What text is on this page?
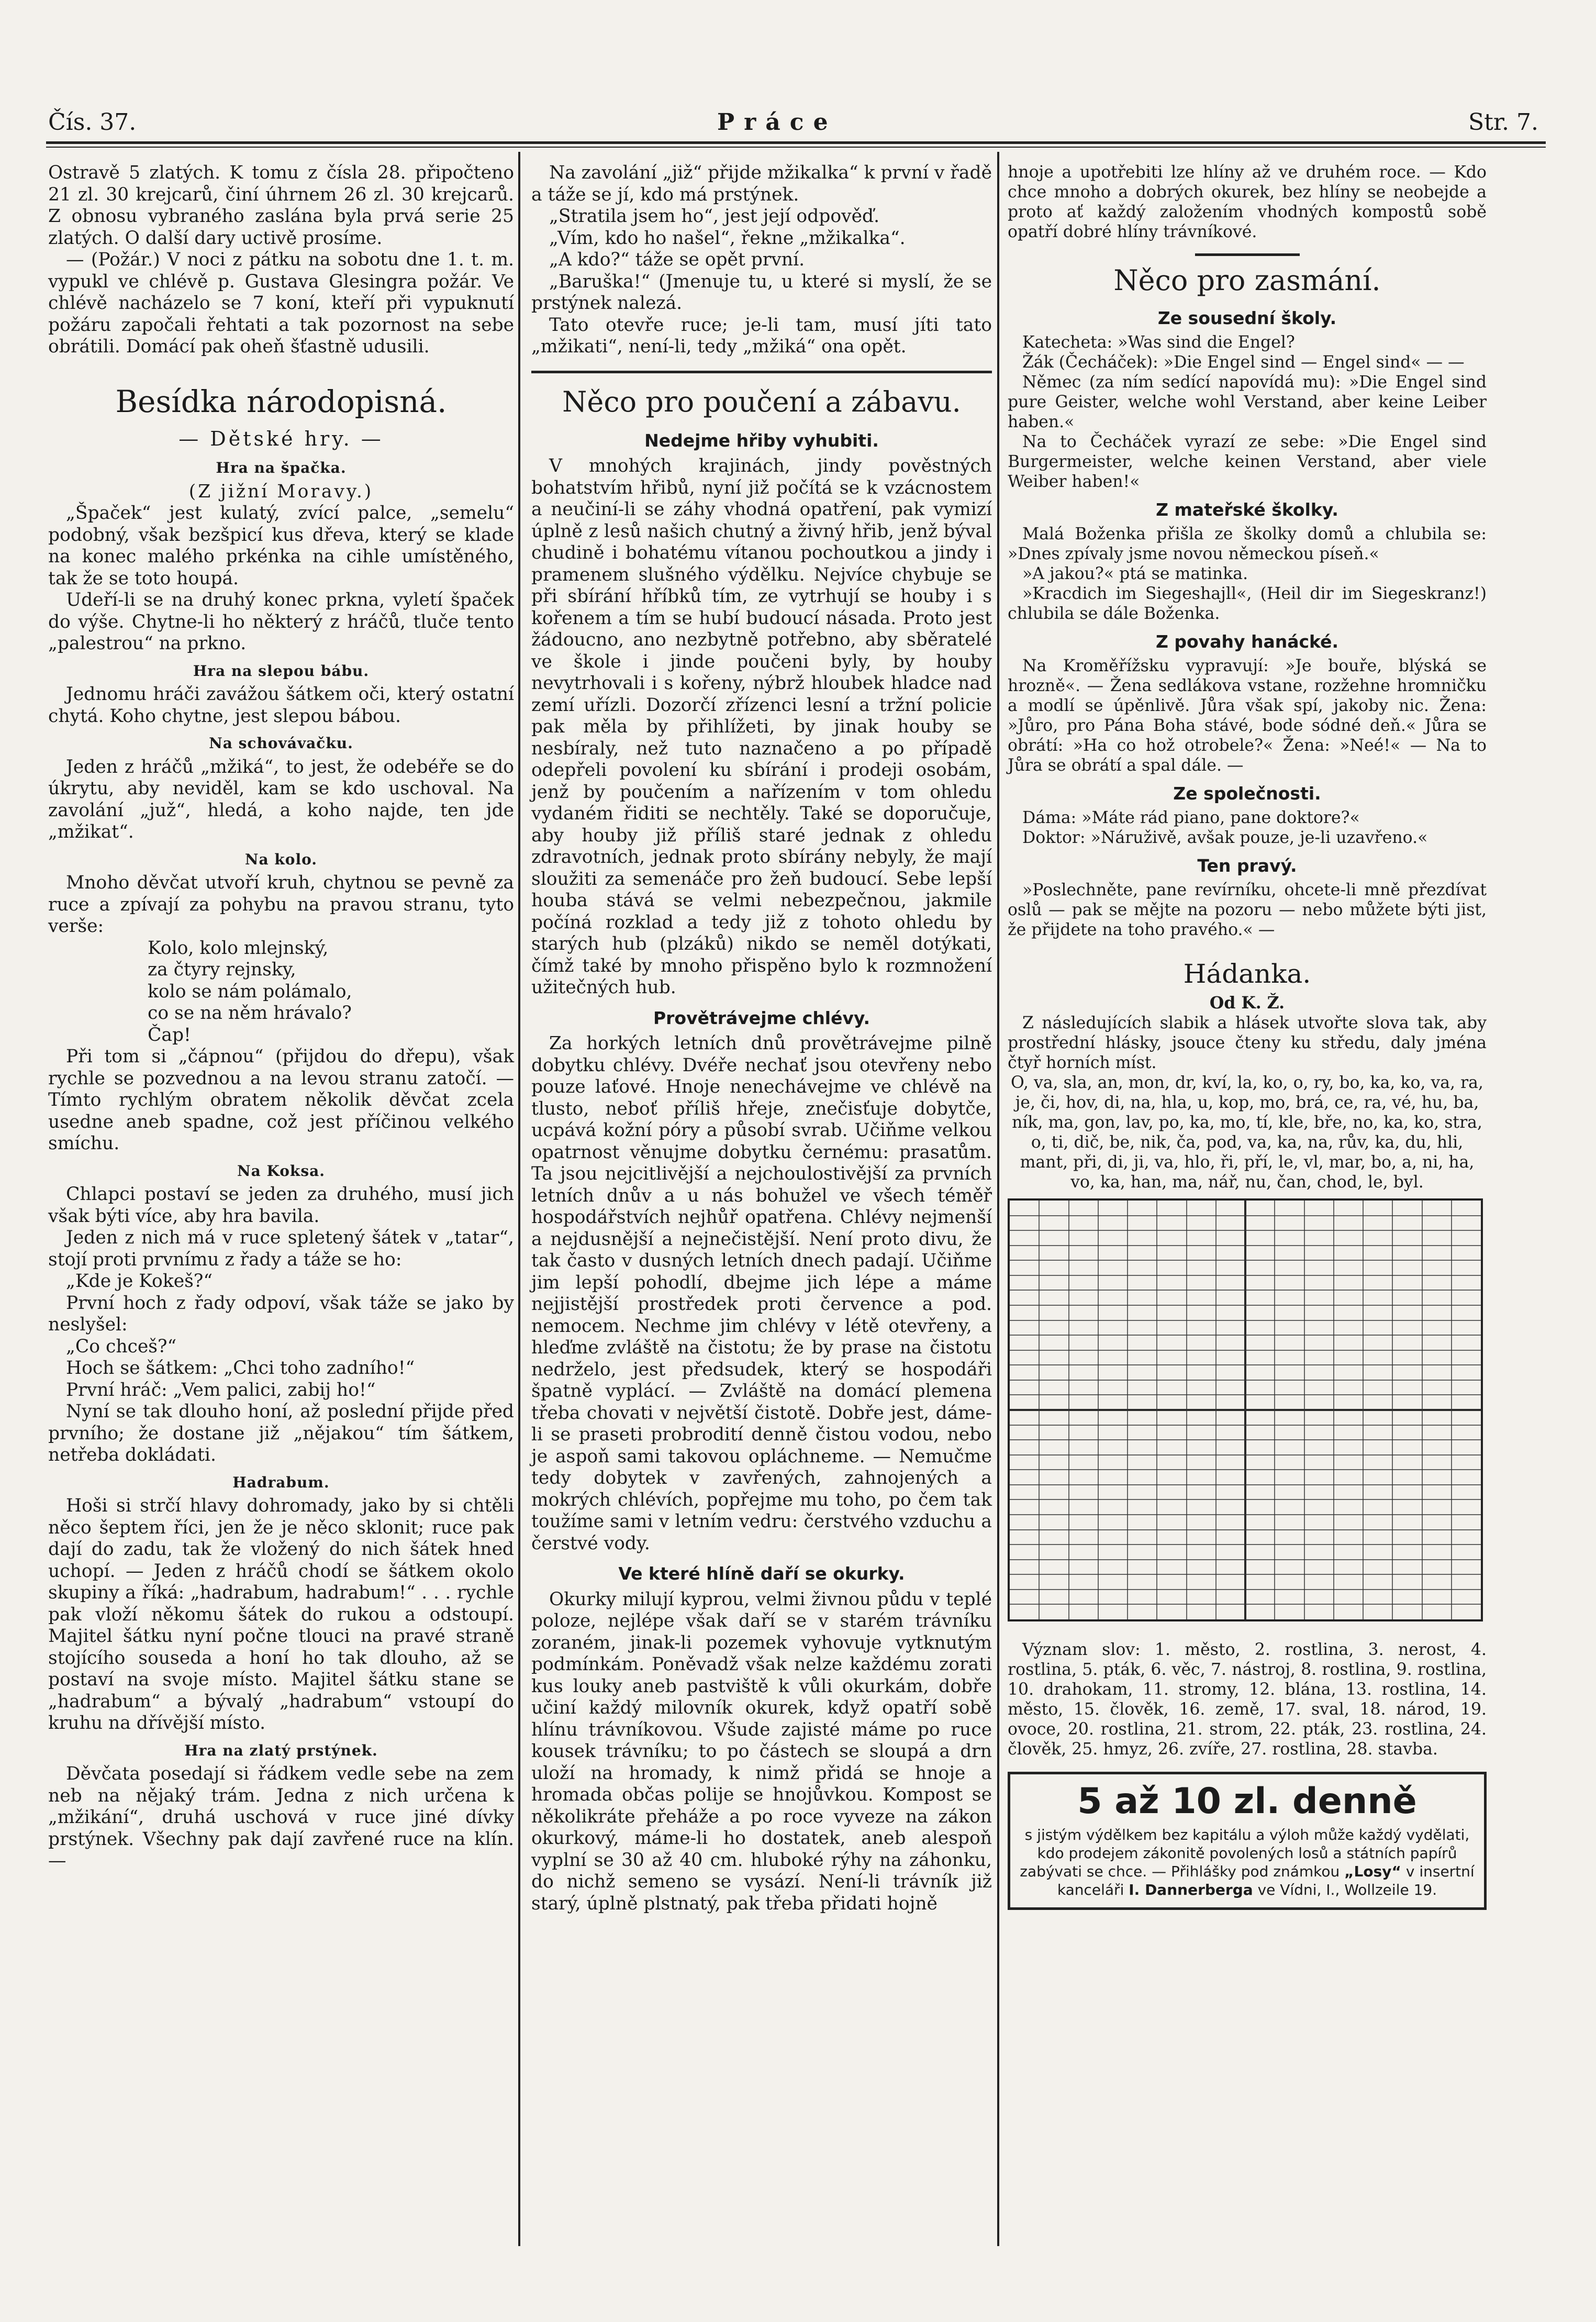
Čís. 37.	Práce	Str. 7.

Ostravě 5 zlatých. K tomu z čísla 28. připočteno 21 zl. 30 krejcarů, činí úhrnem 26 zl. 30 krejcarů. Z obnosu vybraného zaslána byla prvá serie 25 zlatých. O další dary uctivě prosíme.

— (Požár.) V noci z pátku na sobotu dne 1. t. m. vypukl ve chlévě p. Gustava Glesingra požár. Ve chlévě nacházelo se 7 koní, kteří při vypuknutí požáru započali řehtati a tak pozornost na sebe obrátili. Domácí pak oheň šťastně udusili.

Besídka národopisná.
— Dětské hry. —
Hra na špačka.
(Z jižní Moravy.)

„Špaček“ jest kulatý, zvící palce, „semelu“ podobný, však bezšpicí kus dřeva, který se klade na konec malého prkénka na cihle umístěného, tak že se toto houpá.

Udeří-li se na druhý konec prkna, vyletí špaček do výše. Chytne-li ho některý z hráčů, tluče tento „palestrou“ na prkno.

Hra na slepou bábu.

Jednomu hráči zavážou šátkem oči, který ostatní chytá. Koho chytne, jest slepou bábou.

Na schovávačku.

Jeden z hráčů „mžiká“, to jest, že odebéře se do úkrytu, aby neviděl, kam se kdo uschoval. Na zavolání „juž“, hledá, a koho najde, ten jde „mžikat“.

Na kolo.

Mnoho děvčat utvoří kruh, chytnou se pevně za ruce a zpívají za pohybu na pravou stranu, tyto verše:

Kolo, kolo mlejnský,
za čtyry rejnsky,
kolo se nám polámalo,
co se na něm hrávalo?
Čap!

Při tom si „čápnou“ (přijdou do dřepu), však rychle se pozvednou a na levou stranu zatočí. — Tímto rychlým obratem několik děvčat zcela usedne aneb spadne, což jest příčinou velkého smíchu.

Na Koksa.

Chlapci postaví se jeden za druhého, musí jich však býti více, aby hra bavila.

Jeden z nich má v ruce spletený šátek v „tatar“, stojí proti prvnímu z řady a táže se ho:

„Kde je Kokeš?“

První hoch z řady odpoví, však táže se jako by neslyšel:

„Co chceš?“

Hoch se šátkem: „Chci toho zadního!“

První hráč: „Vem palici, zabij ho!“

Nyní se tak dlouho honí, až poslední přijde před prvního; že dostane již „nějakou“ tím šátkem, netřeba dokládati.

Hadrabum.

Hoši si strčí hlavy dohromady, jako by si chtěli něco šeptem říci, jen že je něco sklonit; ruce pak dají do zadu, tak že vložený do nich šátek hned uchopí. — Jeden z hráčů chodí se šátkem okolo skupiny a říká: „hadrabum, hadrabum!“ . . . rychle pak vloží někomu šátek do rukou a odstoupí. Majitel šátku nyní počne tlouci na pravé straně stojícího souseda a honí ho tak dlouho, až se postaví na svoje místo. Majitel šátku stane se „hadrabum“ a bývalý „hadrabum“ vstoupí do kruhu na dřívější místo.

Hra na zlatý prstýnek.

Děvčata posedají si řádkem vedle sebe na zem neb na nějaký trám. Jedna z nich určena k „mžikání“, druhá uschová v ruce jiné dívky prstýnek. Všechny pak dají zavřené ruce na klín. —

Na zavolání „již“ přijde mžikalka“ k první v řadě a táže se jí, kdo má prstýnek.

„Stratila jsem ho“, jest její odpověď.

„Vím, kdo ho našel“, řekne „mžikalka“.

„A kdo?“ táže se opět první.

„Baruška!“ (Jmenuje tu, u které si myslí, že se prstýnek nalezá.

Tato otevře ruce; je-li tam, musí jíti tato „mžikati“, není-li, tedy „mžiká“ ona opět.

Něco pro poučení a zábavu.
Nedejme hřiby vyhubiti.

V mnohých krajinách, jindy pověstných bohatstvím hřibů, nyní již počítá se k vzácnostem a neučiní-li se záhy vhodná opatření, pak vymizí úplně z lesů našich chutný a živný hřib, jenž býval chudině i bohatému vítanou pochoutkou a jindy i pramenem slušného výdělku. Nejvíce chybuje se při sbírání hříbků tím, ze vytrhují se houby i s kořenem a tím se hubí budoucí násada. Proto jest žádoucno, ano nezbytně potřebno, aby sběratelé ve škole i jinde poučeni byly, by houby nevytrhovali i s kořeny, nýbrž hloubek hladce nad zemí uřízli. Dozorčí zřízenci lesní a tržní policie pak měla by přihlížeti, by jinak houby se nesbíraly, než tuto naznačeno a po případě odepřeli povolení ku sbírání i prodeji osobám, jenž by poučením a nařízením v tom ohledu vydaném řiditi se nechtěly. Také se doporučuje, aby houby již příliš staré jednak z ohledu zdravotních, jednak proto sbírány nebyly, že mají sloužiti za semenáče pro žeň budoucí. Sebe lepší houba stává se velmi nebezpečnou, jakmile počíná rozklad a tedy již z tohoto ohledu by starých hub (plzáků) nikdo se neměl dotýkati, čímž také by mnoho přispěno bylo k rozmnožení užitečných hub.

Provětrávejme chlévy.

Za horkých letních dnů provětrávejme pilně dobytku chlévy. Dvéře nechať jsou otevřeny nebo pouze laťové. Hnoje nenechávejme ve chlévě na tlusto, neboť příliš hřeje, znečisťuje dobytče, ucpává kožní póry a působí svrab. Učiňme velkou opatrnost věnujme dobytku černému: prasatům. Ta jsou nejcitlivější a nejchoulostivější za prvních letních dnův a u nás bohužel ve všech téměř hospodářstvích nejhůř opatřena. Chlévy nejmenší a nejdusnější a nejnečistější. Není proto divu, že tak často v dusných letních dnech padají. Učiňme jim lepší pohodlí, dbejme jich lépe a máme nejjistější prostředek proti července a pod. nemocem. Nechme jim chlévy v létě otevřeny, a hleďme zvláště na čistotu; že by prase na čistotu nedrželo, jest předsudek, který se hospodáři špatně vyplácí. — Zvláště na domácí plemena třeba chovati v největší čistotě. Dobře jest, dáme-li se praseti probrodití denně čistou vodou, nebo je aspoň sami takovou opláchneme. — Nemučme tedy dobytek v zavřených, zahnojených a mokrých chlévích, popřejme mu toho, po čem tak toužíme sami v letním vedru: čerstvého vzduchu a čerstvé vody.

Ve které hlíně daří se okurky.

Okurky milují kyprou, velmi živnou půdu v teplé poloze, nejlépe však daří se v starém trávníku zoraném, jinak-li pozemek vyhovuje vytknutým podmínkám. Poněvadž však nelze každému zorati kus louky aneb pastviště k vůli okurkám, dobře učiní každý milovník okurek, když opatří sobě hlínu trávníkovou. Všude zajisté máme po ruce kousek trávníku; to po částech se sloupá a drn uloží na hromady, k nimž přidá se hnoje a hromada občas polije se hnojůvkou. Kompost se několikráte přeháže a po roce vyveze na zákon okurkový, máme-li ho dostatek, aneb alespoň vyplní se 30 až 40 cm. hluboké rýhy na záhonku, do nichž semeno se vysází. Není-li trávník již starý, úplně plstnatý, pak třeba přidati hojně

hnoje a upotřebiti lze hlíny až ve druhém roce. — Kdo chce mnoho a dobrých okurek, bez hlíny se neobejde a proto ať každý založením vhodných kompostů sobě opatří dobré hlíny trávníkové.

Něco pro zasmání.
Ze sousední školy.

Katecheta: »Was sind die Engel?

Žák (Čecháček): »Die Engel sind — Engel sind« — —

Němec (za ním sedící napovídá mu): »Die Engel sind pure Geister, welche wohl Verstand, aber keine Leiber haben.«

Na to Čecháček vyrazí ze sebe: »Die Engel sind Burgermeister, welche keinen Verstand, aber viele Weiber haben!«

Z mateřské školky.

Malá Boženka přišla ze školky domů a chlubila se: »Dnes zpívaly jsme novou německou píseň.«

»A jakou?« ptá se matinka.

»Kracdich im Siegeshajll«, (Heil dir im Siegeskranz!) chlubila se dále Boženka.

Z povahy hanácké.

Na Kroměřížsku vypravují: »Je bouře, blýská se hrozně«. — Žena sedlákova vstane, rozžehne hromničku a modlí se úpěnlivě. Jůra však spí, jakoby nic. Žena: »Jůro, pro Pána Boha stávé, bode sódné deň.« Jůra se obrátí: »Ha co hož otrobele?« Žena: »Neé!« — Na to Jůra se obrátí a spal dále. —

Ze společnosti.

Dáma: »Máte rád piano, pane doktore?«

Doktor: »Náruživě, avšak pouze, je-li uzavřeno.«

Ten pravý.

»Poslechněte, pane revírníku, ohcete-li mně přezdívat oslů — pak se mějte na pozoru — nebo můžete býti jist, že přijdete na toho pravého.« —

Hádanka.
Od K. Ž.

Z následujících slabik a hlásek utvořte slova tak, aby prostřední hlásky, jsouce čteny ku středu, daly jména čtyř horních míst.

O, va, sla, an, mon, dr, kví, la, ko, o, ry, bo, ka, ko, va, ra, je, či, hov, di, na, hla, u, kop, mo, brá, ce, ra, vé, hu, ba, ník, ma, gon, lav, po, ka, mo, tí, kle, bře, no, ka, ko, stra, o, ti, dič, be, nik, ča, pod, va, ka, na, rův, ka, du, hli, mant, při, di, ji, va, hlo, ři, pří, le, vl, mar, bo, a, ni, ha, vo, ka, han, ma, nář, nu, čan, chod, le, byl.

Význam slov: 1. město, 2. rostlina, 3. nerost, 4. rostlina, 5. pták, 6. věc, 7. nástroj, 8. rostlina, 9. rostlina, 10. drahokam, 11. stromy, 12. blána, 13. rostlina, 14. město, 15. člověk, 16. země, 17. sval, 18. národ, 19. ovoce, 20. rostlina, 21. strom, 22. pták, 23. rostlina, 24. člověk, 25. hmyz, 26. zvíře, 27. rostlina, 28. stavba.

5 až 10 zl. denně
s jistým výdělkem bez kapitálu a výloh může každý vydělati, kdo prodejem zákonitě povolených losů a státních papírů zabývati se chce. — Přihlášky pod známkou „Losy“ v insertní kanceláři I. Dannerberga ve Vídni, I., Wollzeile 19.
